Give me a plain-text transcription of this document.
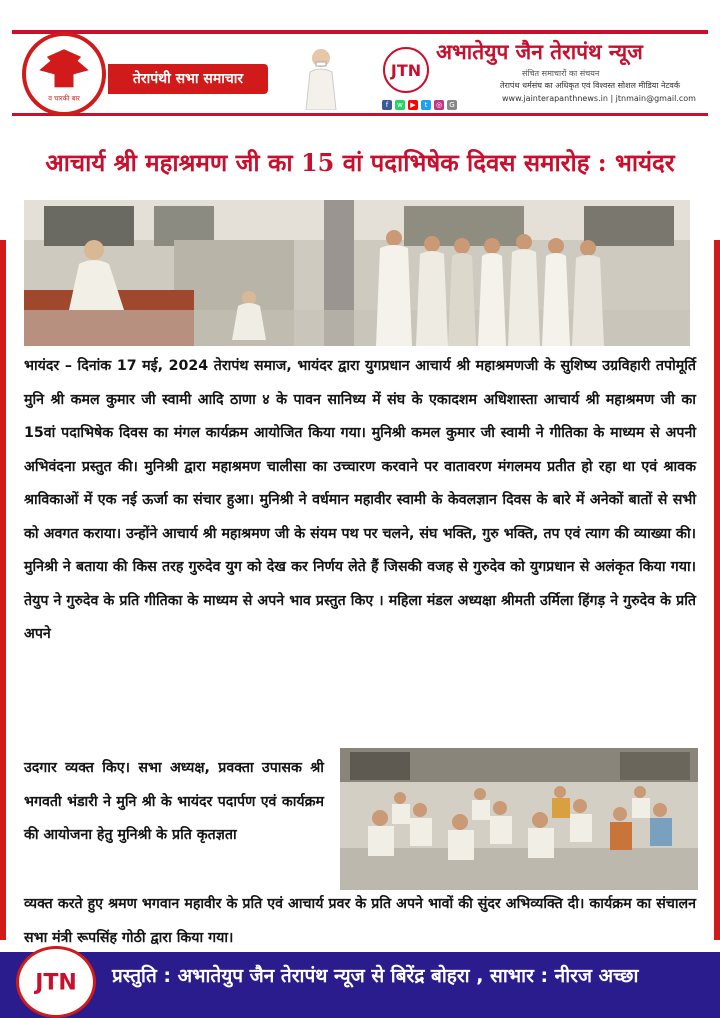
व चारकी बार
तेरापंथी सभा समाचार	JTN
अभातेयुप जैन तेरापंथ न्यूज
संचित समाचारों का संचयन
तेरापंथ धर्मसंघ का अधिकृत एवं विश्वस्त सोशल मीडिया नेटवर्क
www.jainterapanthnews.in | jtnmain@gmail.com
f	w	▶	t	◎	G
आचार्य श्री महाश्रमण जी का 15 वां पदाभिषेक दिवस समारोह : भायंदर
भायंदर – दिनांक 17 मई, 2024 तेरापंथ समाज, भायंदर द्वारा युगप्रधान आचार्य श्री महाश्रमणजी के सुशिष्य उग्रविहारी तपोमूर्ति मुनि श्री कमल कुमार जी स्वामी आदि ठाणा ४ के पावन सानिध्य में संघ के एकादशम अधिशास्ता आचार्य श्री महाश्रमण जी का 15वां पदाभिषेक दिवस का मंगल कार्यक्रम आयोजित किया गया। मुनिश्री कमल कुमार जी स्वामी ने गीतिका के माध्यम से अपनी अभिवंदना प्रस्तुत की। मुनिश्री द्वारा महाश्रमण चालीसा का उच्चारण करवाने पर वातावरण मंगलमय प्रतीत हो रहा था एवं श्रावक श्राविकाओं में एक नई ऊर्जा का संचार हुआ। मुनिश्री ने वर्धमान महावीर स्वामी के केवलज्ञान दिवस के बारे में अनेकों बातों से सभी को अवगत कराया। उन्होंने आचार्य श्री महाश्रमण जी के संयम पथ पर चलने, संघ भक्ति, गुरु भक्ति, तप एवं त्याग की व्याख्या की। मुनिश्री ने बताया की किस तरह गुरुदेव युग को देख कर निर्णय लेते हैं जिसकी वजह से गुरुदेव को युगप्रधान से अलंकृत किया गया। तेयुप ने गुरुदेव के प्रति गीतिका के माध्यम से अपने भाव प्रस्तुत किए । महिला मंडल अध्यक्षा श्रीमती उर्मिला हिंगड़ ने गुरुदेव के प्रति अपने
उदगार व्यक्त किए। सभा अध्यक्ष, प्रवक्ता उपासक श्री भगवती भंडारी ने मुनि श्री के भायंदर पदार्पण एवं कार्यक्रम की आयोजना हेतु मुनिश्री के प्रति कृतज्ञता
व्यक्त करते हुए श्रमण भगवान महावीर के प्रति एवं आचार्य प्रवर के प्रति अपने भावों की सुंदर अभिव्यक्ति दी। कार्यक्रम का संचालन सभा मंत्री रूपसिंह गोठी द्वारा किया गया।
JTN प्रस्तुति : अभातेयुप जैन तेरापंथ न्यूज से बिरेंद्र बोहरा , साभार : नीरज अच्छा
